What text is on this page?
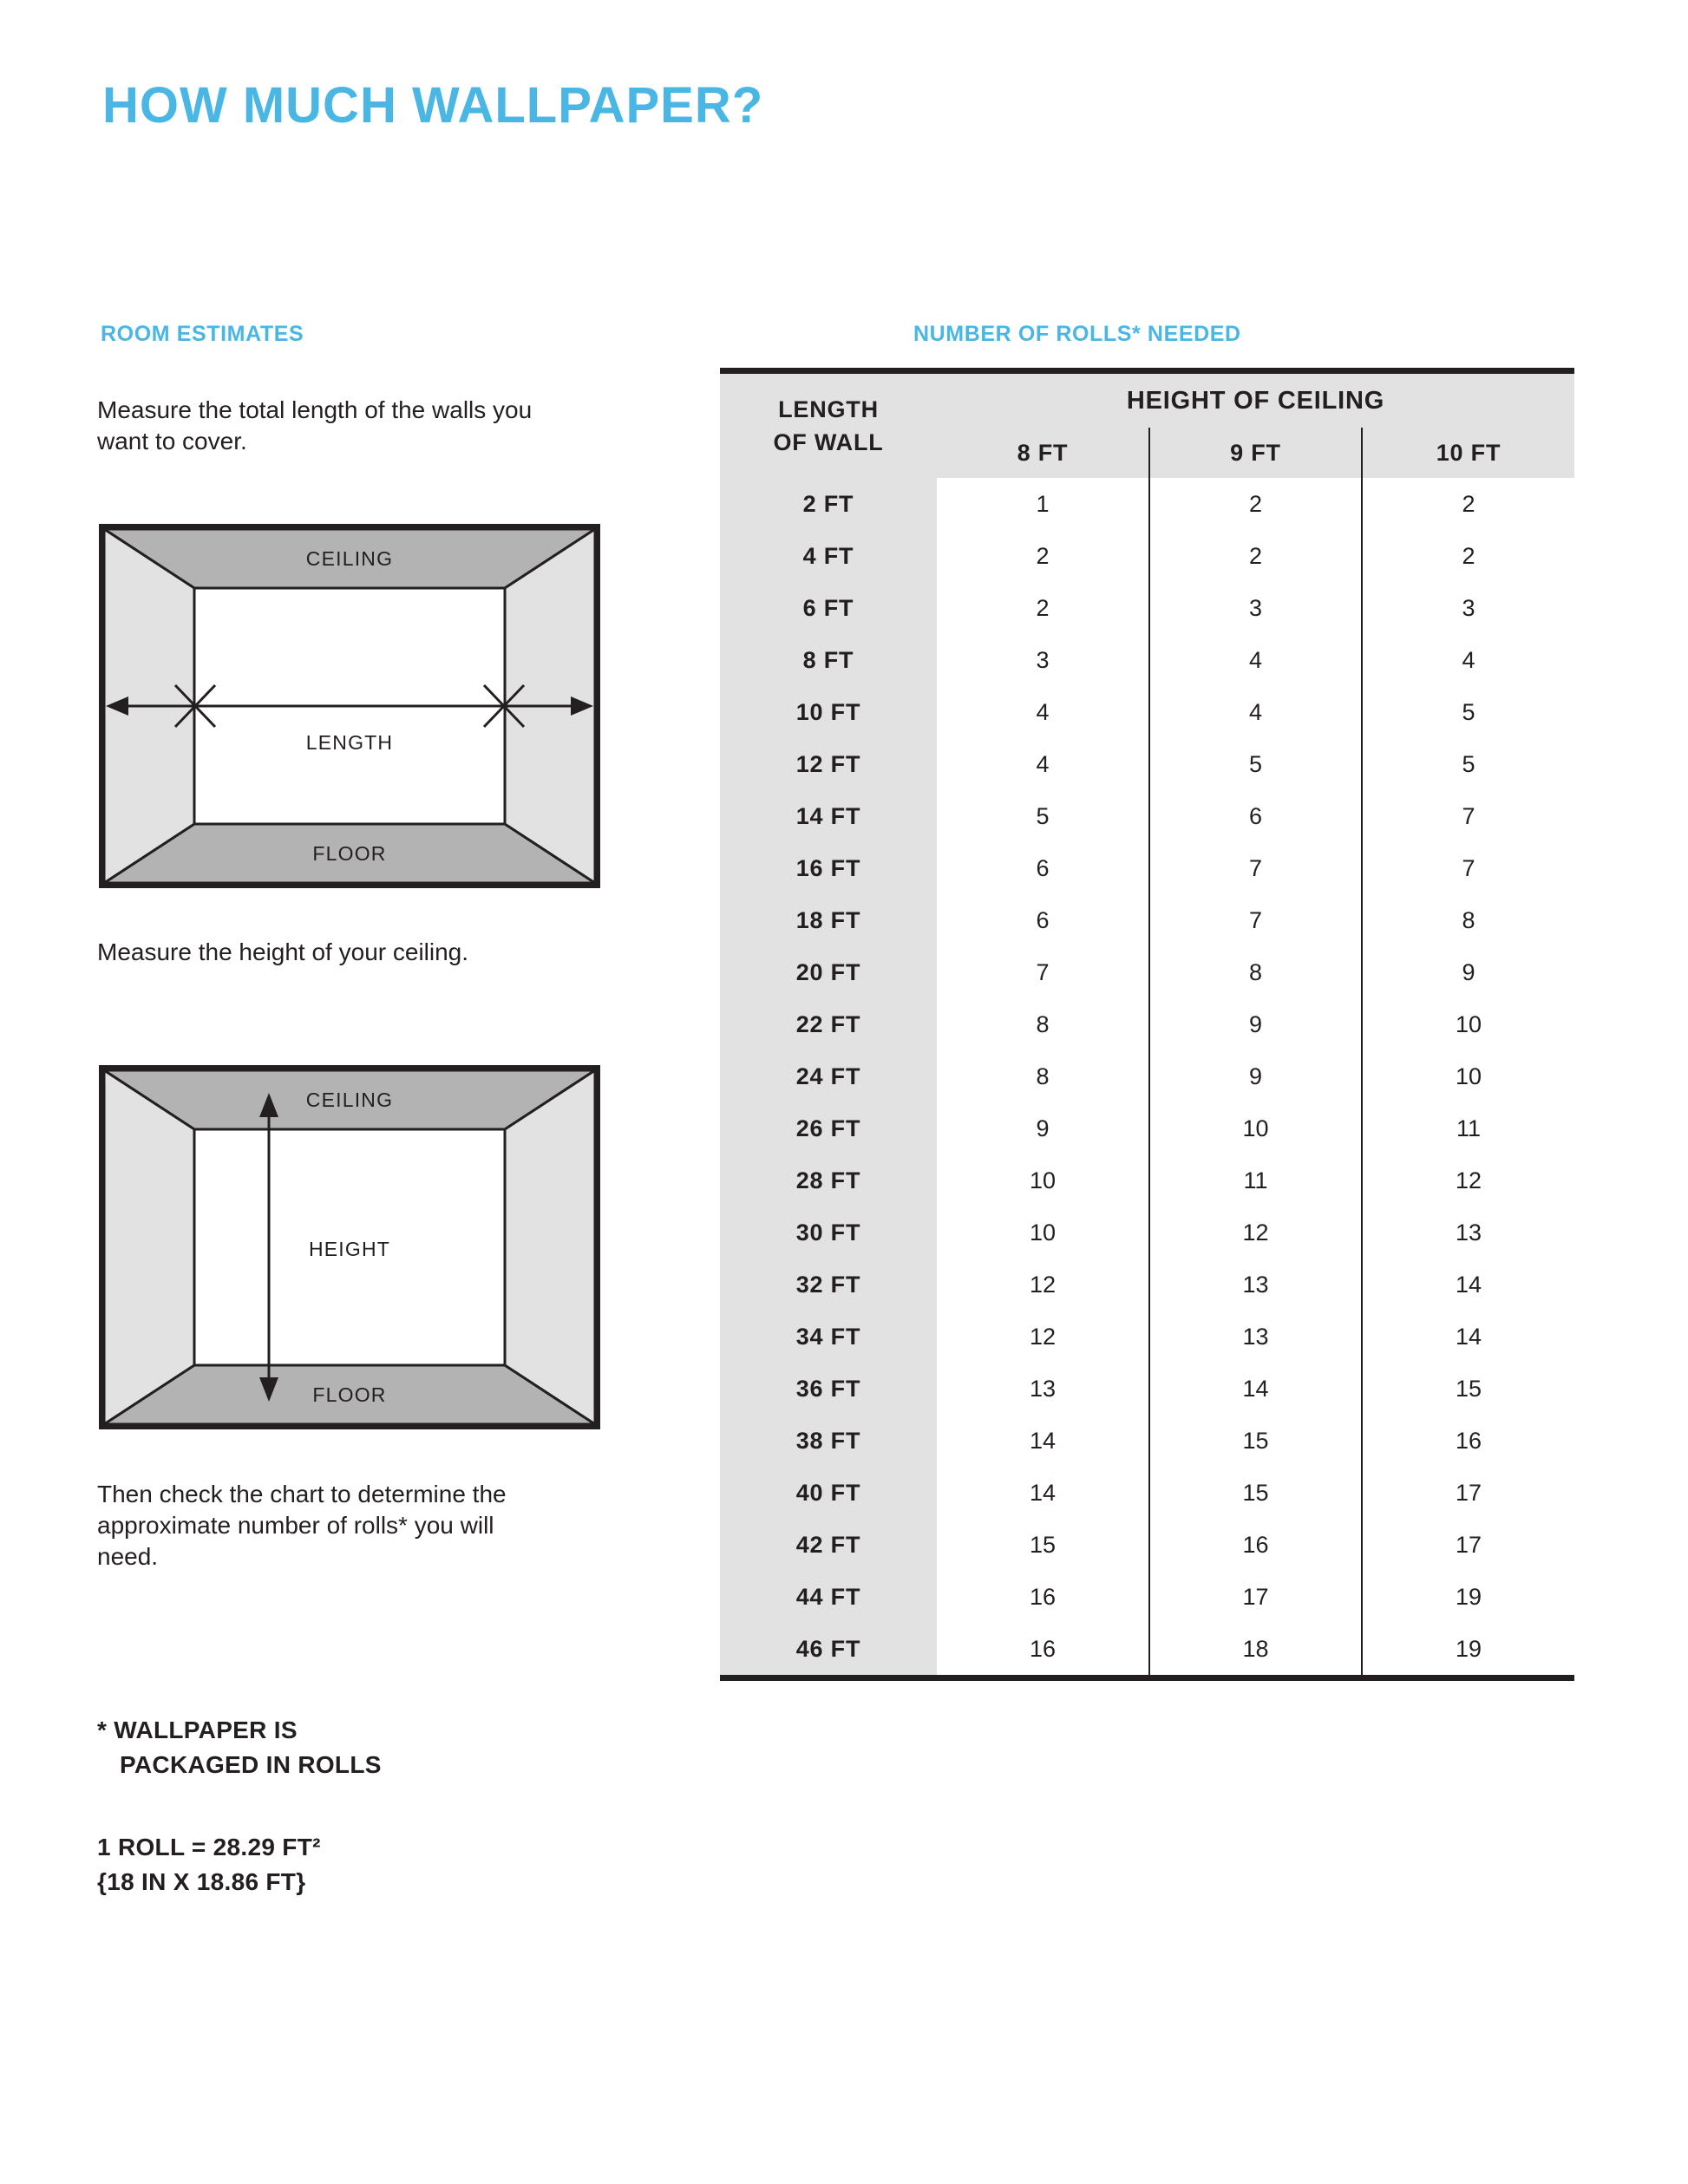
HOW MUCH WALLPAPER?
ROOM ESTIMATES
Measure the total length of the walls you want to cover.
CEILING
FLOOR
LENGTH
Measure the height of your ceiling.
CEILING
FLOOR
HEIGHT
Then check the chart to determine the approximate number of rolls* you will need.
* WALLPAPER IS
PACKAGED IN ROLLS
1 ROLL = 28.29 FT²
{18 IN X 18.86 FT}
NUMBER OF ROLLS* NEEDED
LENGTH
OF WALL	HEIGHT OF CEILING		
	8 FT	9 FT	10 FT
2 FT	1	2	2
4 FT	2	2	2
6 FT	2	3	3
8 FT	3	4	4
10 FT	4	4	5
12 FT	4	5	5
14 FT	5	6	7
16 FT	6	7	7
18 FT	6	7	8
20 FT	7	8	9
22 FT	8	9	10
24 FT	8	9	10
26 FT	9	10	11
28 FT	10	11	12
30 FT	10	12	13
32 FT	12	13	14
34 FT	12	13	14
36 FT	13	14	15
38 FT	14	15	16
40 FT	14	15	17
42 FT	15	16	17
44 FT	16	17	19
46 FT	16	18	19
